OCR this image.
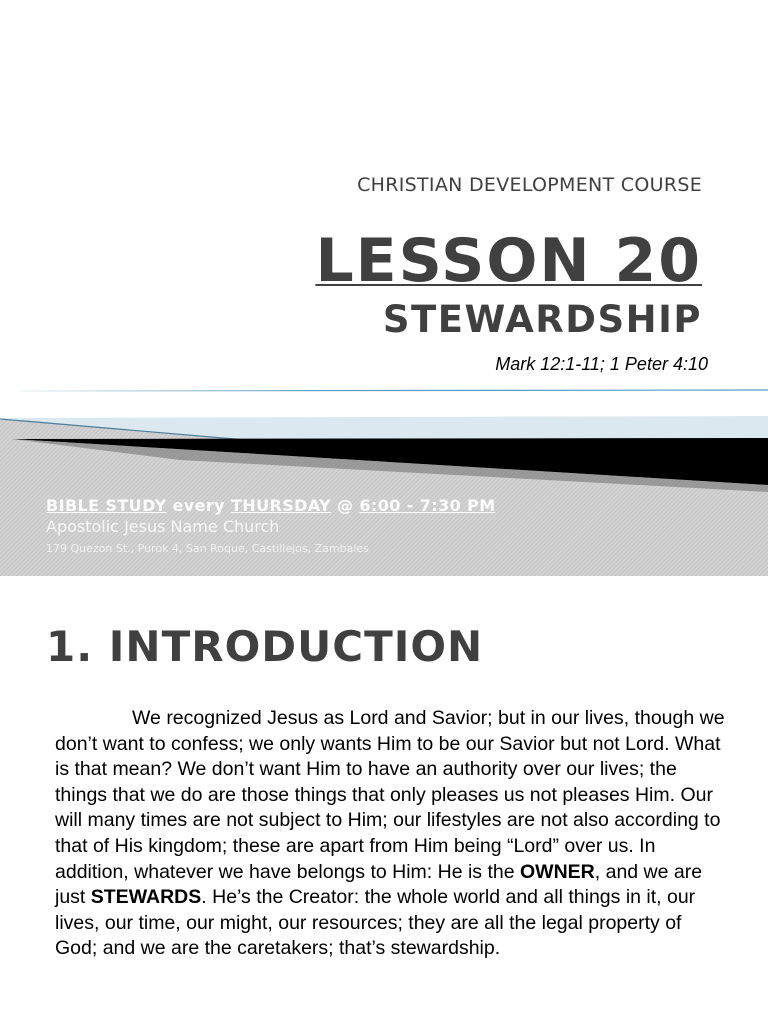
CHRISTIAN DEVELOPMENT COURSE
LESSON 20
STEWARDSHIP
Mark 12:1-11; 1 Peter 4:10
BIBLE STUDY every THURSDAY @ 6:00 - 7:30 PM
Apostolic Jesus Name Church
179 Quezon St., Purok 4, San Roque, Castillejos, Zambales
1. INTRODUCTION
We recognized Jesus as Lord and Savior; but in our lives, though we don’t want to confess; we only wants Him to be our Savior but not Lord. What is that mean? We don’t want Him to have an authority over our lives; the things that we do are those things that only pleases us not pleases Him. Our will many times are not subject to Him; our lifestyles are not also according to that of His kingdom; these are apart from Him being “Lord” over us. In addition, whatever we have belongs to Him: He is the OWNER, and we are just STEWARDS. He’s the Creator: the whole world and all things in it, our lives, our time, our might, our resources; they are all the legal property of God; and we are the caretakers; that’s stewardship.
